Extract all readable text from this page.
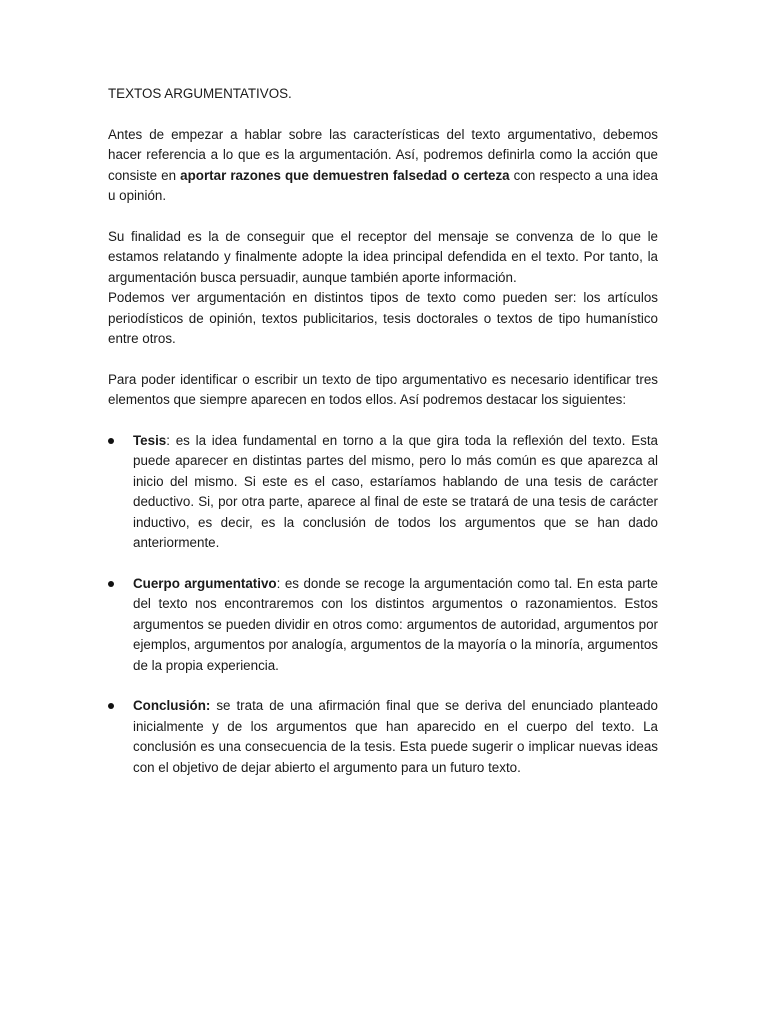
TEXTOS ARGUMENTATIVOS.

Antes de empezar a hablar sobre las características del texto argumentativo, debemos hacer referencia a lo que es la argumentación. Así, podremos definirla como la acción que consiste en aportar razones que demuestren falsedad o certeza con respecto a una idea u opinión.

Su finalidad es la de conseguir que el receptor del mensaje se convenza de lo que le estamos relatando y finalmente adopte la idea principal defendida en el texto. Por tanto, la argumentación busca persuadir, aunque también aporte información.

Podemos ver argumentación en distintos tipos de texto como pueden ser: los artículos periodísticos de opinión, textos publicitarios, tesis doctorales o textos de tipo humanístico entre otros.

Para poder identificar o escribir un texto de tipo argumentativo es necesario identificar tres elementos que siempre aparecen en todos ellos. Así podremos destacar los siguientes:

Tesis: es la idea fundamental en torno a la que gira toda la reflexión del texto. Esta puede aparecer en distintas partes del mismo, pero lo más común es que aparezca al inicio del mismo. Si este es el caso, estaríamos hablando de una tesis de carácter deductivo. Si, por otra parte, aparece al final de este se tratará de una tesis de carácter inductivo, es decir, es la conclusión de todos los argumentos que se han dado anteriormente.
Cuerpo argumentativo: es donde se recoge la argumentación como tal. En esta parte del texto nos encontraremos con los distintos argumentos o razonamientos. Estos argumentos se pueden dividir en otros como: argumentos de autoridad, argumentos por ejemplos, argumentos por analogía, argumentos de la mayoría o la minoría, argumentos de la propia experiencia.
Conclusión: se trata de una afirmación final que se deriva del enunciado planteado inicialmente y de los argumentos que han aparecido en el cuerpo del texto. La conclusión es una consecuencia de la tesis. Esta puede sugerir o implicar nuevas ideas con el objetivo de dejar abierto el argumento para un futuro texto.
